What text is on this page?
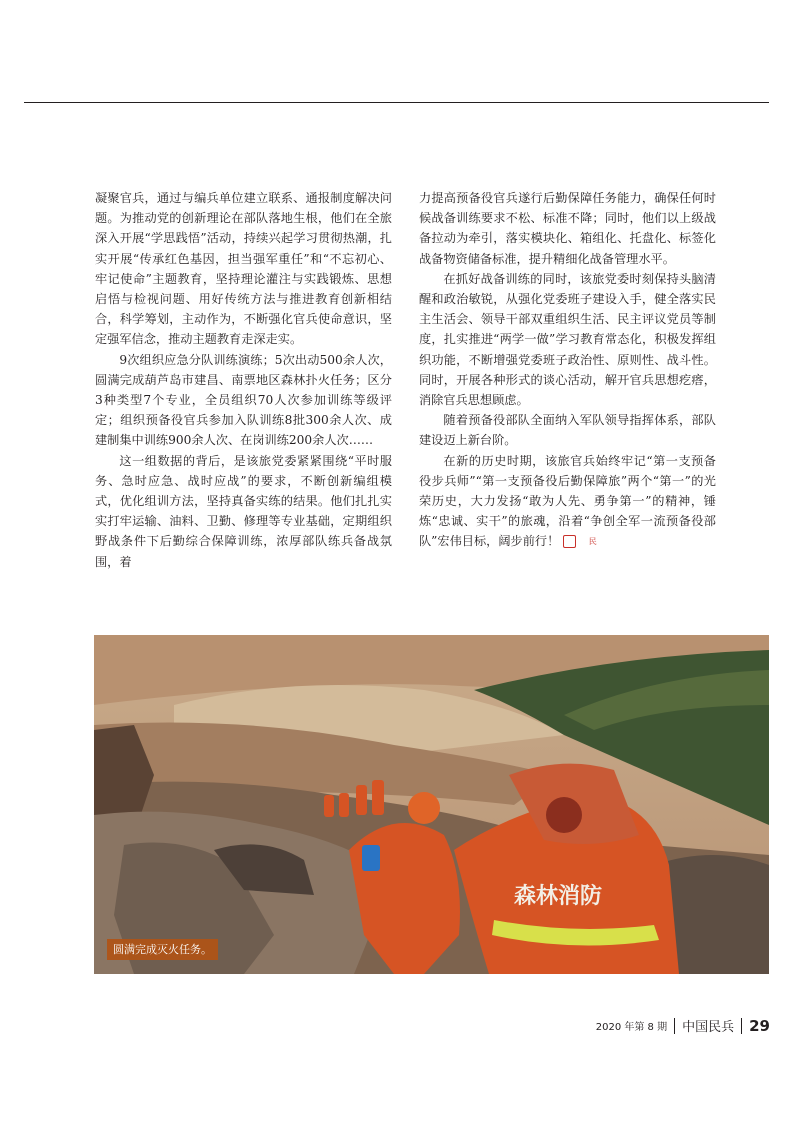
凝聚官兵，通过与编兵单位建立联系、通报制度解决问题。为推动党的创新理论在部队落地生根，他们在全旅深入开展“学思践悟”活动，持续兴起学习贯彻热潮，扎实开展“传承红色基因，担当强军重任”和“不忘初心、牢记使命”主题教育，坚持理论灌注与实践锻炼、思想启悟与检视问题、用好传统方法与推进教育创新相结合，科学筹划，主动作为，不断强化官兵使命意识，坚定强军信念，推动主题教育走深走实。

9次组织应急分队训练演练；5次出动500余人次，圆满完成葫芦岛市建昌、南票地区森林扑火任务；区分3种类型7个专业，全员组织70人次参加训练等级评定；组织预备役官兵参加入队训练8批300余人次、成建制集中训练900余人次、在岗训练200余人次……

这一组数据的背后，是该旅党委紧紧围绕“平时服务、急时应急、战时应战”的要求，不断创新编组模式，优化组训方法，坚持真备实练的结果。他们扎扎实实打牢运输、油料、卫勤、修理等专业基础，定期组织野战条件下后勤综合保障训练，浓厚部队练兵备战氛围，着

力提高预备役官兵遂行后勤保障任务能力，确保任何时候战备训练要求不松、标准不降；同时，他们以上级战备拉动为牵引，落实模块化、箱组化、托盘化、标签化战备物资储备标准，提升精细化战备管理水平。

在抓好战备训练的同时，该旅党委时刻保持头脑清醒和政治敏锐，从强化党委班子建设入手，健全落实民主生活会、领导干部双重组织生活、民主评议党员等制度，扎实推进“两学一做”学习教育常态化，积极发挥组织功能，不断增强党委班子政治性、原则性、战斗性。同时，开展各种形式的谈心活动，解开官兵思想疙瘩，消除官兵思想顾虑。

随着预备役部队全面纳入军队领导指挥体系，部队建设迈上新台阶。

在新的历史时期，该旅官兵始终牢记“第一支预备役步兵师”“第一支预备役后勤保障旅”两个“第一”的光荣历史，大力发扬“敢为人先、勇争第一”的精神，锤炼“忠诚、实干”的旅魂，沿着“争创全军一流预备役部队”宏伟目标，阔步前行！	民

森林消防
圆满完成灭火任务。
2020 年第 8 期 中国民兵 29
